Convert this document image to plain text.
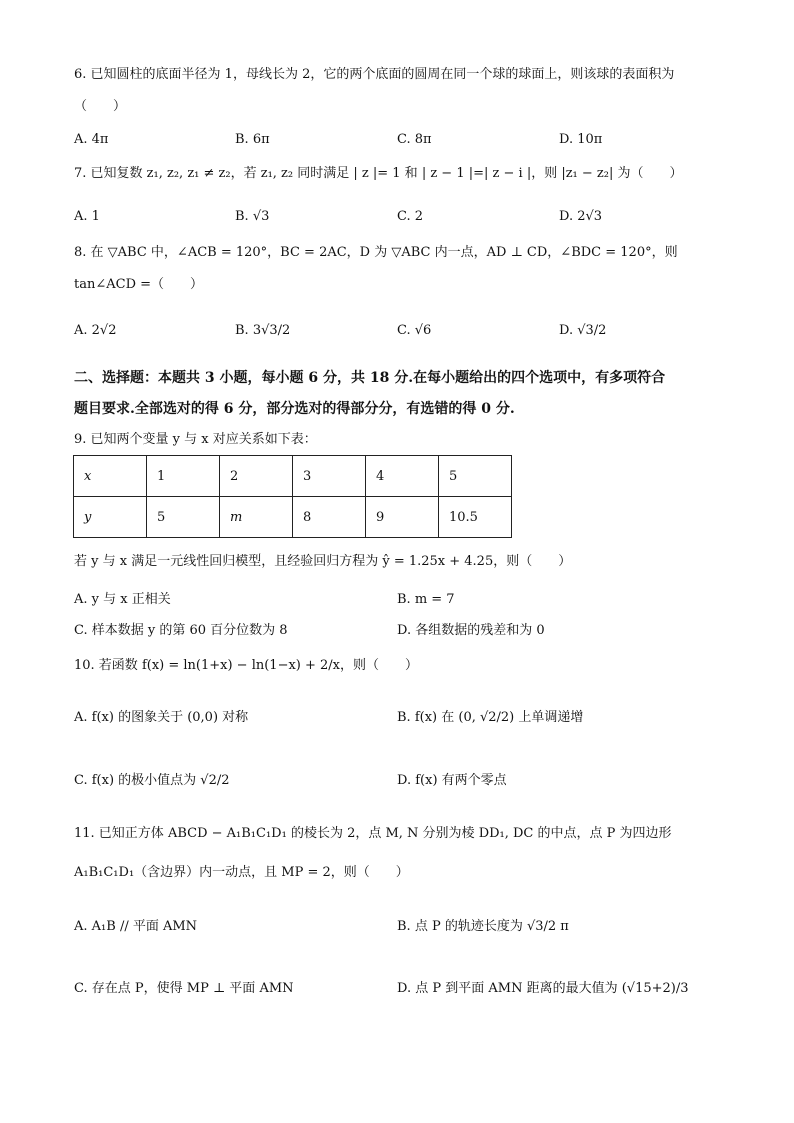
6. 已知圆柱的底面半径为 1，母线长为 2，它的两个底面的圆周在同一个球的球面上，则该球的表面积为
（　　）
A. 4π	B. 6π	C. 8π	D. 10π
7. 已知复数 z₁, z₂, z₁ ≠ z₂，若 z₁, z₂ 同时满足 | z |= 1 和 | z − 1 |=| z − i |，则 |z₁ − z₂| 为（　　）
A. 1	B. √3	C. 2	D. 2√3
8. 在 ▽ABC 中，∠ACB = 120°，BC = 2AC，D 为 ▽ABC 内一点，AD ⊥ CD，∠BDC = 120°，则
tan∠ACD =（　　）
A. 2√2	B. 3√3/2	C. √6	D. √3/2
二、选择题：本题共 3 小题，每小题 6 分，共 18 分.在每小题给出的四个选项中，有多项符合
题目要求.全部选对的得 6 分，部分选对的得部分分，有选错的得 0 分.
9. 已知两个变量 y 与 x 对应关系如下表：
x	1	2	3	4	5
y	5	m	8	9	10.5
若 y 与 x 满足一元线性回归模型，且经验回归方程为 ŷ = 1.25x + 4.25，则（　　）
A. y 与 x 正相关	B. m = 7
C. 样本数据 y 的第 60 百分位数为 8	D. 各组数据的残差和为 0
10. 若函数 f(x) = ln(1+x) − ln(1−x) + 2/x，则（　　）
A. f(x) 的图象关于 (0,0) 对称	B. f(x) 在 (0, √2/2) 上单调递增
C. f(x) 的极小值点为 √2/2	D. f(x) 有两个零点
11. 已知正方体 ABCD − A₁B₁C₁D₁ 的棱长为 2，点 M, N 分别为棱 DD₁, DC 的中点，点 P 为四边形
A₁B₁C₁D₁（含边界）内一动点，且 MP = 2，则（　　）
A. A₁B // 平面 AMN	B. 点 P 的轨迹长度为 √3/2 π
C. 存在点 P，使得 MP ⊥ 平面 AMN	D. 点 P 到平面 AMN 距离的最大值为 (√15+2)/3
